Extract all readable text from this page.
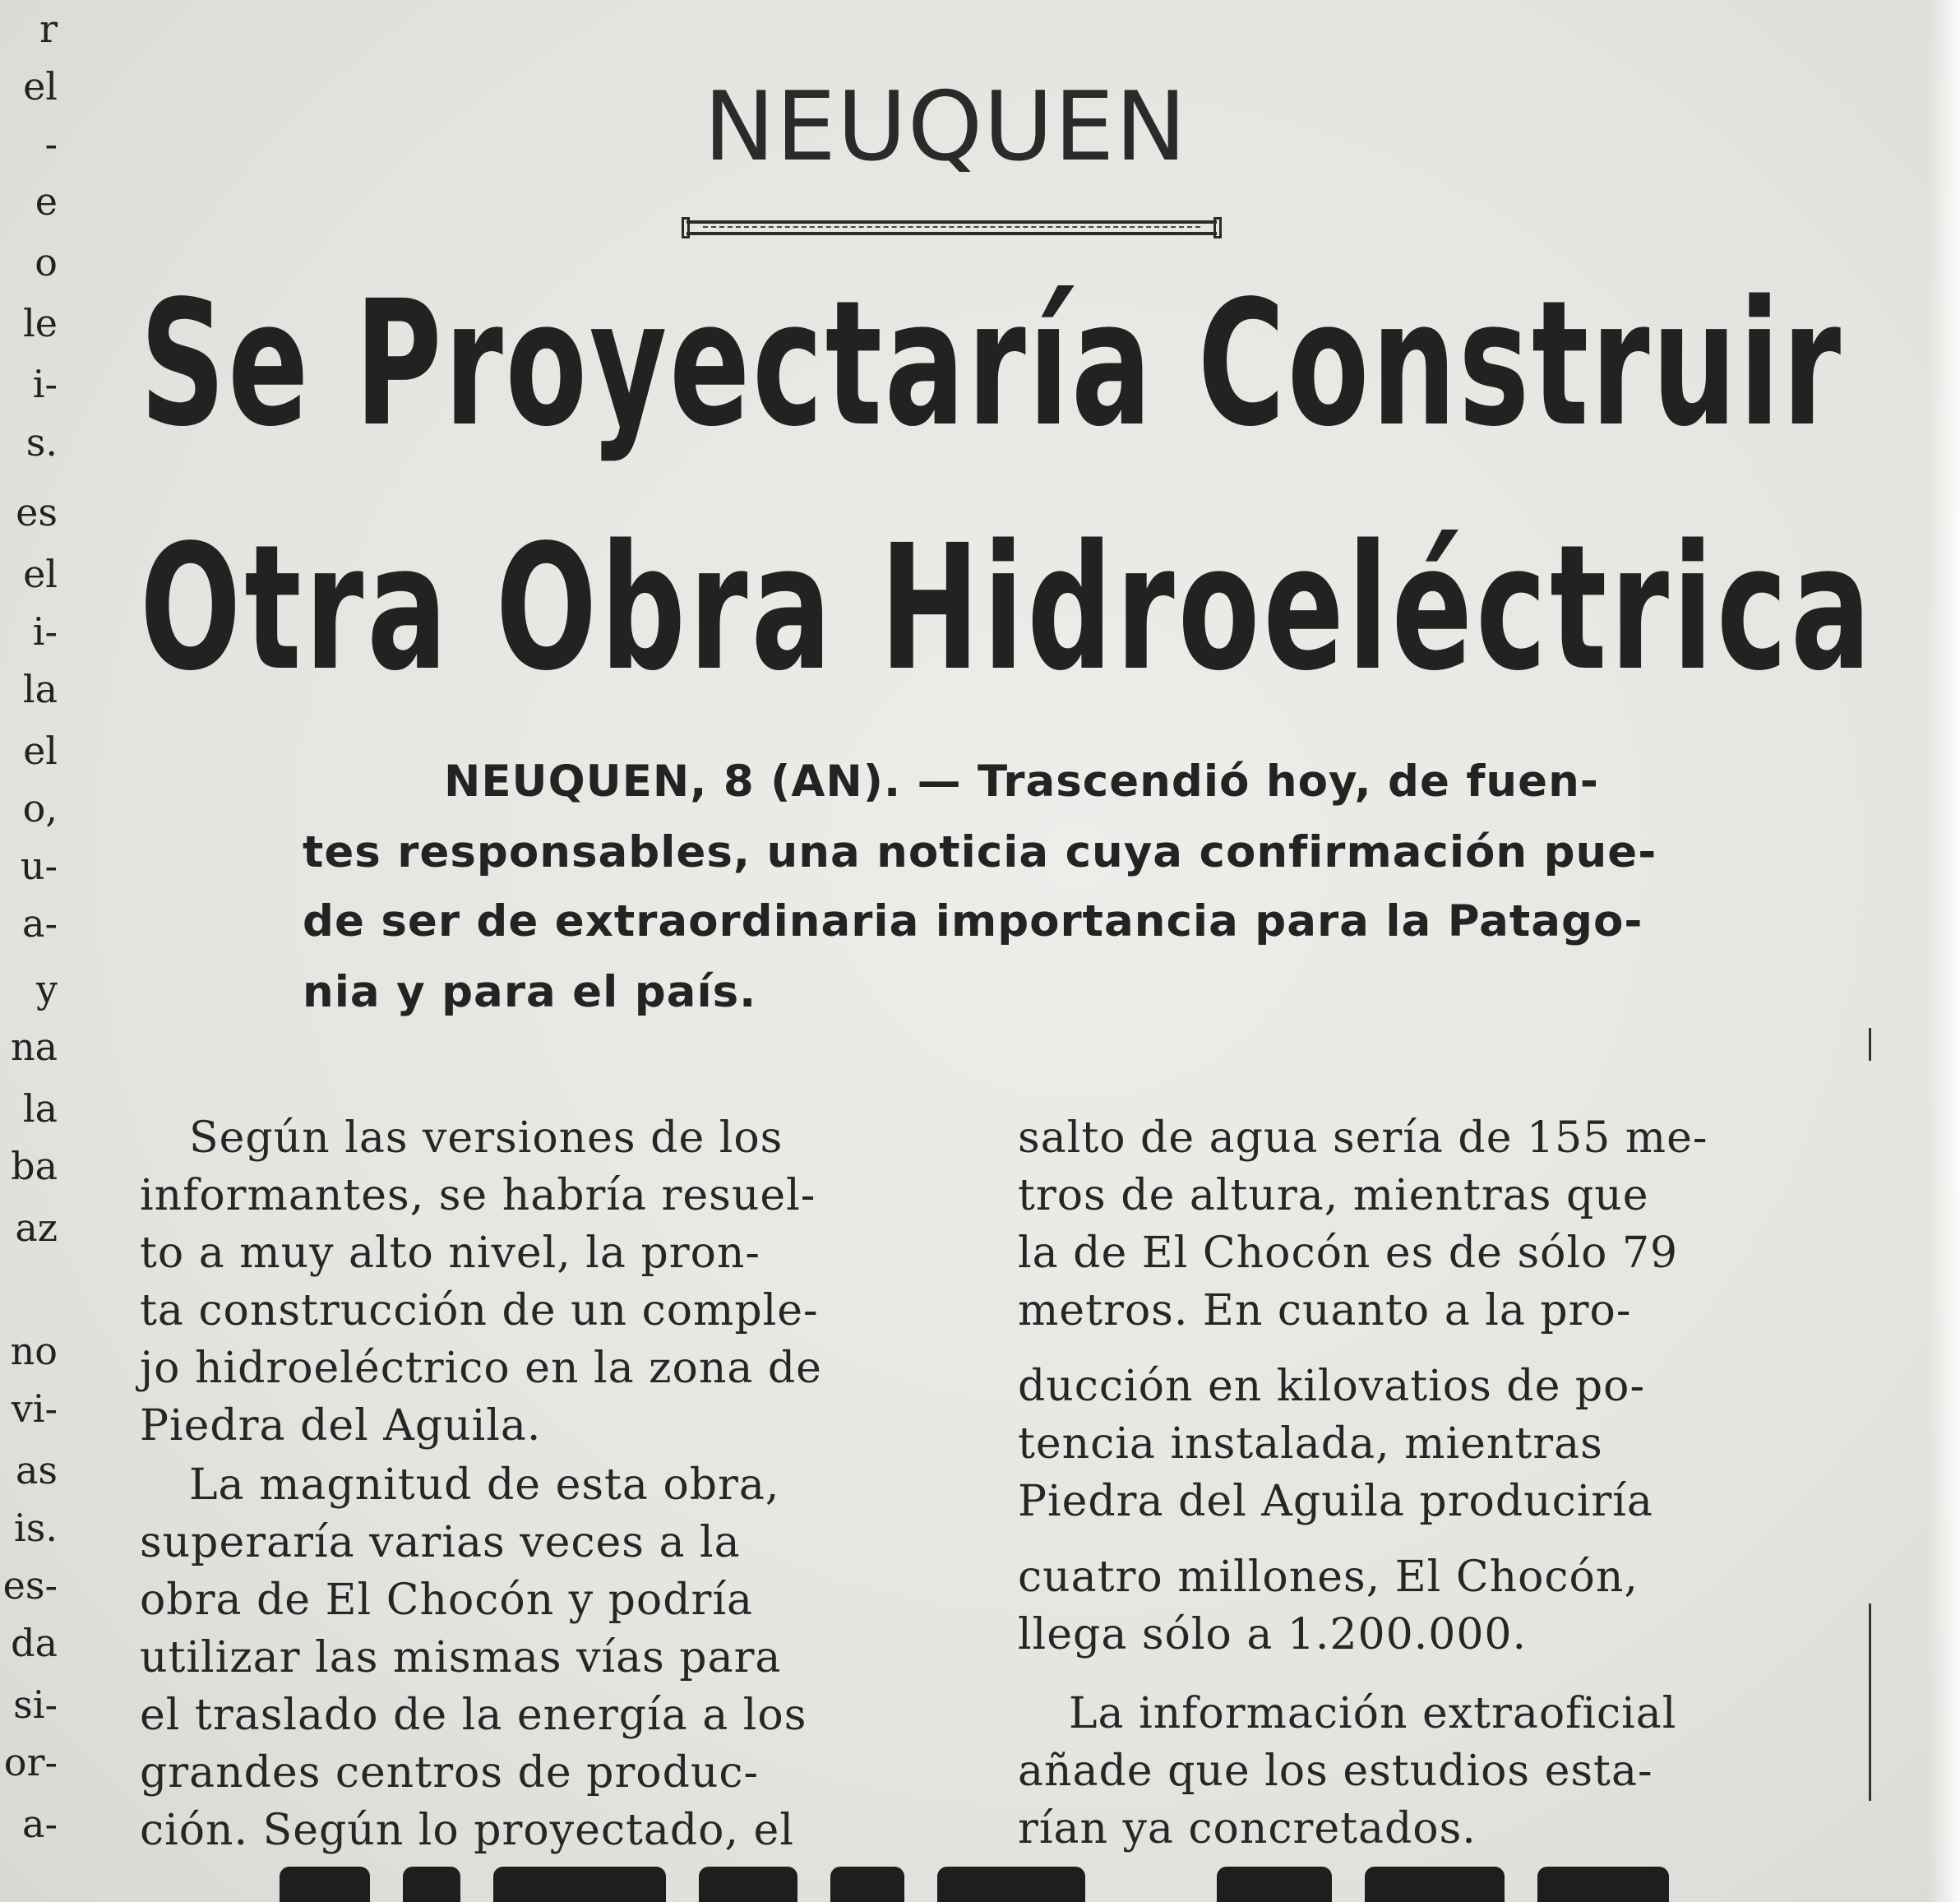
r
el
-
e
o
le
i-
s.
es
el
i-
la
el
o,
u-
a-
y
na
la
ba
az
no
vi-
as
is.
es-
da
si-
or-
a-
NEUQUEN
Se Proyectaría Construir
Otra Obra Hidroeléctrica
NEUQUEN, 8 (AN). — Trascendió hoy, de fuen-
tes responsables, una noticia cuya confirmación pue-
de ser de extraordinaria importancia para la Patago-
nia y para el país.
Según las versiones de los
informantes, se habría resuel-
to a muy alto nivel, la pron-
ta construcción de un comple-
jo hidroeléctrico en la zona de
Piedra del Aguila.
La magnitud de esta obra,
superaría varias veces a la
obra de El Chocón y podría
utilizar las mismas vías para
el traslado de la energía a los
grandes centros de produc-
ción. Según lo proyectado, el
salto de agua sería de 155 me-
tros de altura, mientras que
la de El Chocón es de sólo 79
metros. En cuanto a la pro-
ducción en kilovatios de po-
tencia instalada, mientras
Piedra del Aguila produciría
cuatro millones, El Chocón,
llega sólo a 1.200.000.
La información extraoficial
añade que los estudios esta-
rían ya concretados.
